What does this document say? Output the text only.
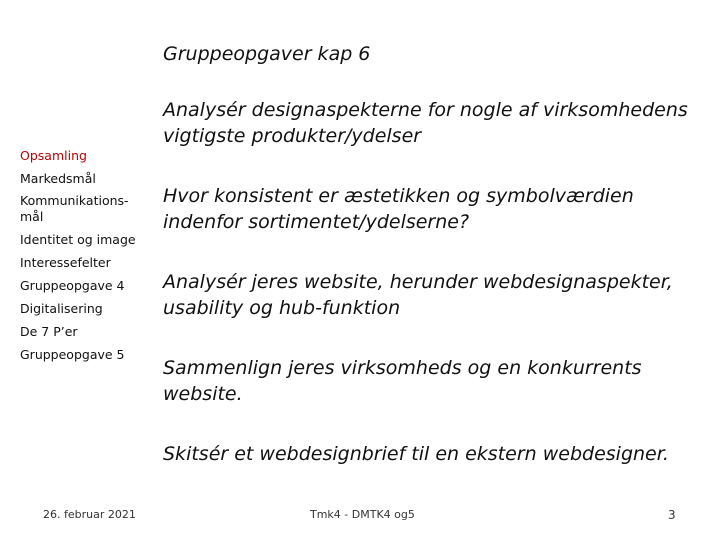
Gruppeopgaver kap 6
Opsamling
Markedsmål
Kommunikations-mål
Identitet og image
Interessefelter
Gruppeopgave 4
Digitalisering
De 7 P’er
Gruppeopgave 5
Analysér designaspekterne for nogle af virksomhedens vigtigste produkter/ydelser
Hvor konsistent er æstetikken og symbolværdien indenfor sortimentet/ydelserne?
Analysér jeres website, herunder webdesignaspekter, usability og hub-funktion
Sammenlign jeres virksomheds og en konkurrents website.
Skitsér et webdesignbrief til en ekstern webdesigner.
26. februar 2021	Tmk4 - DMTK4 og5	3
